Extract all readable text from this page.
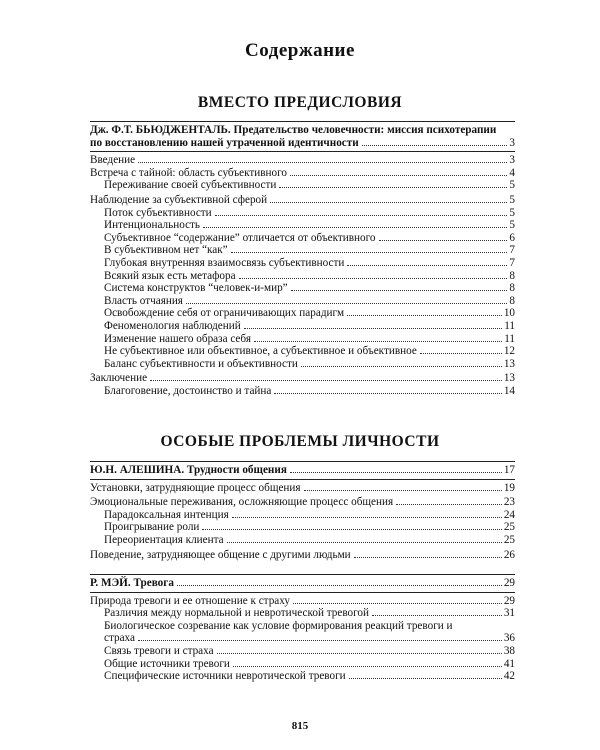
Содержание
ВМЕСТО ПРЕДИСЛОВИЯ
Дж. Ф.Т. БЬЮДЖЕНТАЛЬ. Предательство человечности: миссия психотерапии
по восстановлению нашей утраченной идентичности	3
Введение	3
Встреча с тайной: область субъективного	4
Переживание своей субъективности	5
Наблюдение за субъективной сферой	5
Поток субъективности	5
Интенциональность	5
Субъективное “содержание” отличается от объективного	6
В субъективном нет “как”	7
Глубокая внутренняя взаимосвязь субъективности	7
Всякий язык есть метафора	8
Система конструктов “человек-и-мир”	8
Власть отчаяния	8
Освобождение себя от ограничивающих парадигм	10
Феноменология наблюдений	11
Изменение нашего образа себя	11
Не субъективное или объективное, а субъективное и объективное	12
Баланс субъективности и объективности	13
Заключение	13
Благоговение, достоинство и тайна	14
ОСОБЫЕ ПРОБЛЕМЫ ЛИЧНОСТИ
Ю.Н. АЛЕШИНА. Трудности общения	17
Установки, затрудняющие процесс общения	19
Эмоциональные переживания, осложняющие процесс общения	23
Парадоксальная интенция	24
Проигрывание роли	25
Переориентация клиента	25
Поведение, затрудняющее общение с другими людьми	26
Р. МЭЙ. Тревога	29
Природа тревоги и ее отношение к страху	29
Различия между нормальной и невротической тревогой	31
Биологическое созревание как условие формирования реакций тревоги и
страха	36
Связь тревоги и страха	38
Общие источники тревоги	41
Специфические источники невротической тревоги	42
815
